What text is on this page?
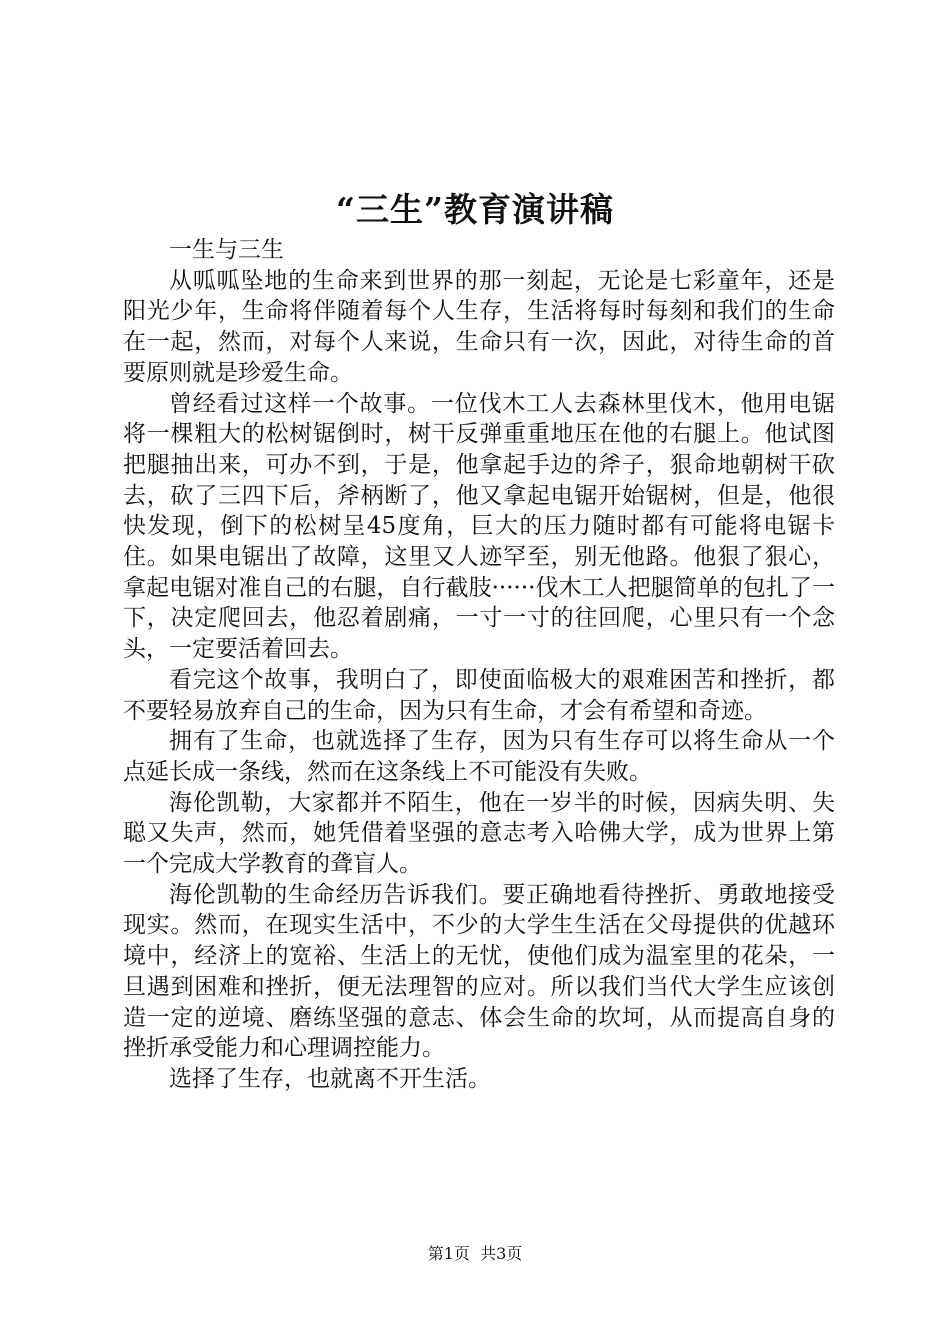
“三生”教育演讲稿

一生与三生

从呱呱坠地的生命来到世界的那一刻起，无论是七彩童年，还是阳光少年，生命将伴随着每个人生存，生活将每时每刻和我们的生命在一起，然而，对每个人来说，生命只有一次，因此，对待生命的首要原则就是珍爱生命。

曾经看过这样一个故事。一位伐木工人去森林里伐木，他用电锯将一棵粗大的松树锯倒时，树干反弹重重地压在他的右腿上。他试图把腿抽出来，可办不到，于是，他拿起手边的斧子，狠命地朝树干砍去，砍了三四下后，斧柄断了，他又拿起电锯开始锯树，但是，他很快发现，倒下的松树呈45度角，巨大的压力随时都有可能将电锯卡住。如果电锯出了故障，这里又人迹罕至，别无他路。他狠了狠心，拿起电锯对准自己的右腿，自行截肢······伐木工人把腿简单的包扎了一下，决定爬回去，他忍着剧痛，一寸一寸的往回爬，心里只有一个念头，一定要活着回去。

看完这个故事，我明白了，即使面临极大的艰难困苦和挫折，都不要轻易放弃自己的生命，因为只有生命，才会有希望和奇迹。

拥有了生命，也就选择了生存，因为只有生存可以将生命从一个点延长成一条线，然而在这条线上不可能没有失败。

海伦凯勒，大家都并不陌生，他在一岁半的时候，因病失明、失聪又失声，然而，她凭借着坚强的意志考入哈佛大学，成为世界上第一个完成大学教育的聋盲人。

海伦凯勒的生命经历告诉我们。要正确地看待挫折、勇敢地接受现实。然而，在现实生活中，不少的大学生生活在父母提供的优越环境中，经济上的宽裕、生活上的无忧，使他们成为温室里的花朵，一旦遇到困难和挫折，便无法理智的应对。所以我们当代大学生应该创造一定的逆境、磨练坚强的意志、体会生命的坎坷，从而提高自身的挫折承受能力和心理调控能力。

选择了生存，也就离不开生活。

第1页 共3页
